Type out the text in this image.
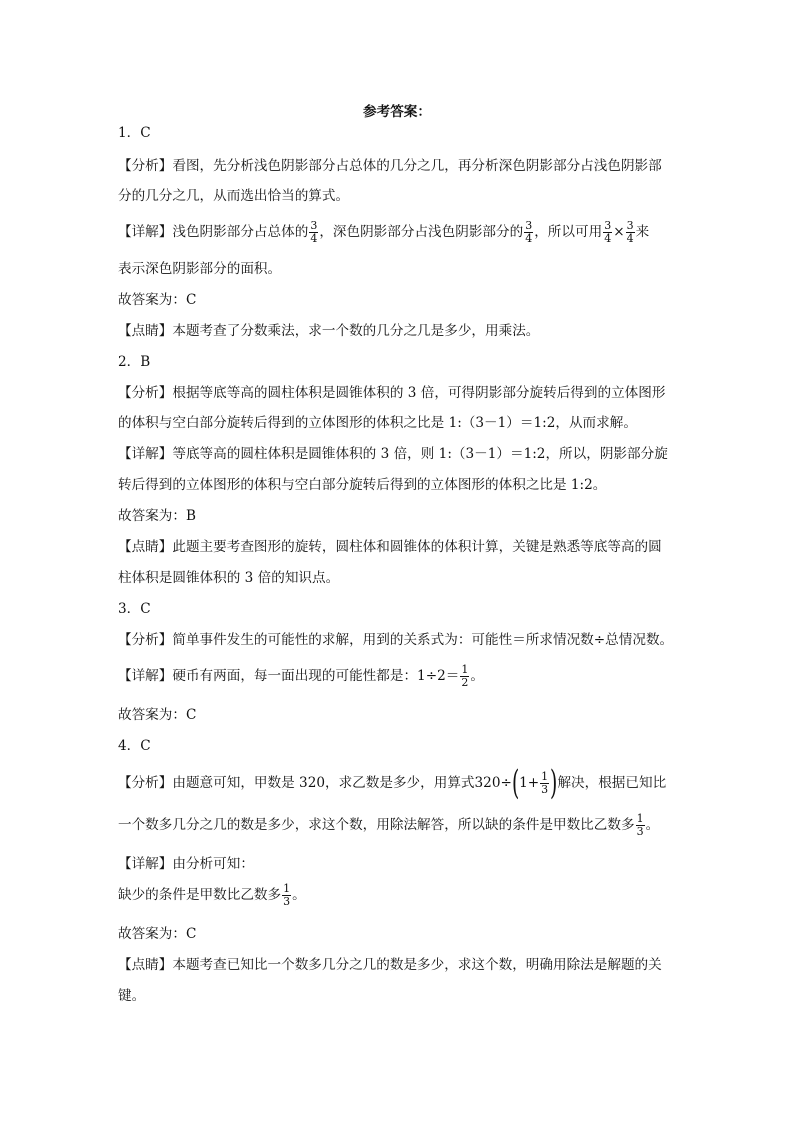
参考答案：
1．C
【分析】看图，先分析浅色阴影部分占总体的几分之几，再分析深色阴影部分占浅色阴影部
分的几分之几，从而选出恰当的算式。
【详解】浅色阴影部分占总体的 $\frac{3}{4}$ ，深色阴影部分占浅色阴影部分的 $\frac{3}{4}$ ，所以可用 $\frac{3}{4} \times \frac{3}{4}$ 来
表示深色阴影部分的面积。
故答案为：C
【点睛】本题考查了分数乘法，求一个数的几分之几是多少，用乘法。
2．B
【分析】根据等底等高的圆柱体积是圆锥体积的 3 倍，可得阴影部分旋转后得到的立体图形
的体积与空白部分旋转后得到的立体图形的体积之比是 1:（3－1）＝1:2，从而求解。
【详解】等底等高的圆柱体积是圆锥体积的 3 倍，则 1:（3－1）＝1:2，所以，阴影部分旋
转后得到的立体图形的体积与空白部分旋转后得到的立体图形的体积之比是 1:2。
故答案为：B
【点睛】此题主要考查图形的旋转，圆柱体和圆锥体的体积计算，关键是熟悉等底等高的圆
柱体积是圆锥体积的 3 倍的知识点。
3．C
【分析】简单事件发生的可能性的求解，用到的关系式为：可能性＝所求情况数÷总情况数。
【详解】硬币有两面，每一面出现的可能性都是：$1\div 2= \frac{1}{2}$ 。
故答案为：C
4．C
【分析】由题意可知，甲数是 320，求乙数是多少，用算式 320÷ ( $1+ \frac{1}{3}$ ) 解决，根据已知比
一个数多几分之几的数是多少，求这个数，用除法解答，所以缺的条件是甲数比乙数多 $\frac{1}{3}$ 。
【详解】由分析可知：
缺少的条件是甲数比乙数多 $\frac{1}{3}$ 。
故答案为：C
【点睛】本题考查已知比一个数多几分之几的数是多少，求这个数，明确用除法是解题的关
键。
